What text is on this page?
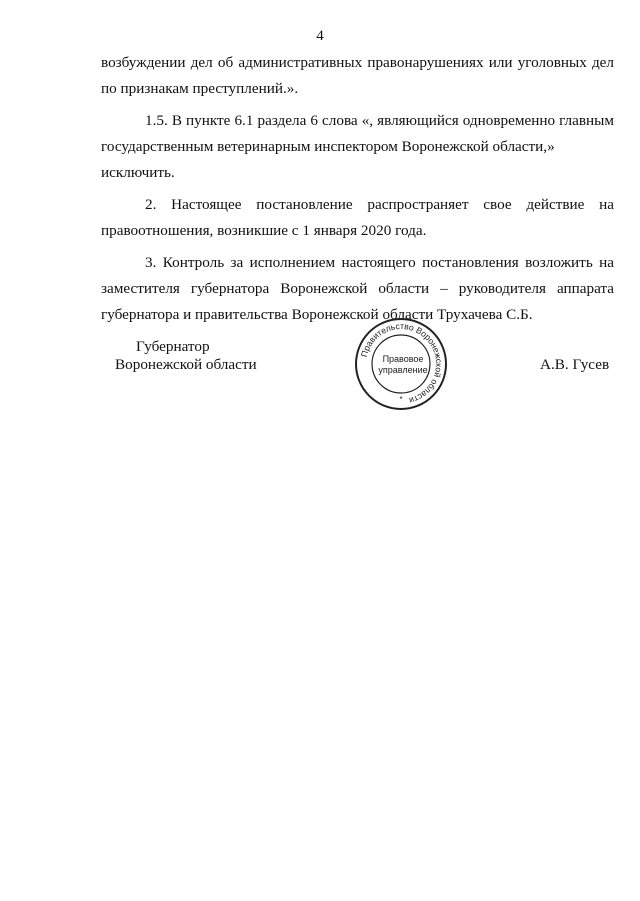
4

возбуждении дел об административных правонарушениях или уголовных дел

по признакам преступлений.».

1.5. В пункте 6.1 раздела 6 слова «, являющийся одновременно главным

государственным ветеринарным инспектором Воронежской области,» исключить.

2. Настоящее постановление распространяет свое действие на

правоотношения, возникшие с 1 января 2020 года.

3. Контроль за исполнением настоящего постановления возложить на

заместителя губернатора Воронежской области – руководителя аппарата

губернатора и правительства Воронежской области Трухачева С.Б.

Губернатор
Воронежской области	А.В. Гусев
Правительство Воронежской области
Правовое
управление
*
